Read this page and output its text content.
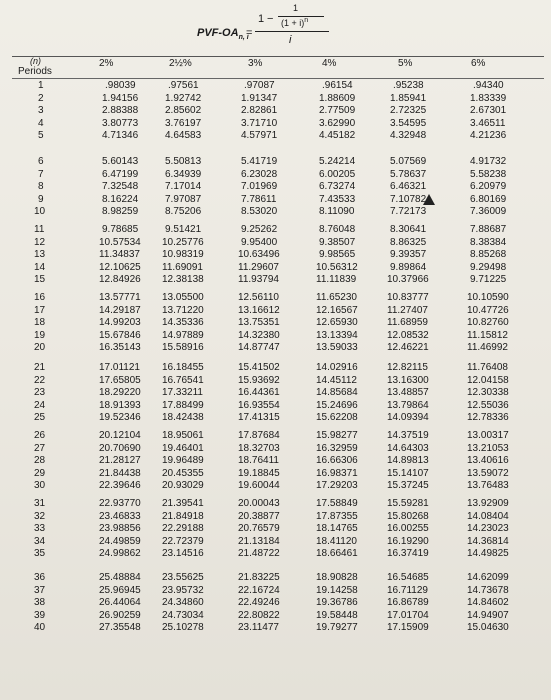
PVF-$OA_{n, i}$
=
1 −
1
$(1 + i)^n$
i
(n)
Periods
2%	2½%	3%	4%	5%	6%
1	.98039	.97561	.97087	.96154	.95238	.94340
2	1.94156	1.92742	1.91347	1.88609	1.85941	1.83339
3	2.88388	2.85602	2.82861	2.77509	2.72325	2.67301
4	3.80773	3.76197	3.71710	3.62990	3.54595	3.46511
5	4.71346	4.64583	4.57971	4.45182	4.32948	4.21236
6	5.60143	5.50813	5.41719	5.24214	5.07569	4.91732
7	6.47199	6.34939	6.23028	6.00205	5.78637	5.58238
8	7.32548	7.17014	7.01969	6.73274	6.46321	6.20979
9	8.16224	7.97087	7.78611	7.43533	7.10782	6.80169
10	8.98259	8.75206	8.53020	8.11090	7.72173	7.36009
11	9.78685	9.51421	9.25262	8.76048	8.30641	7.88687
12	10.57534 10.25776	9.95400	9.38507	8.86325	8.38384
13	11.34837 10.98319	10.63496	9.98565	9.39357	8.85268
14	12.10625 11.69091	11.29607	10.56312	9.89864	9.29498
15	12.84926 12.38138	11.93794	11.11839	10.37966	9.71225
16	13.57771 13.05500	12.56110	11.65230	10.83777	10.10590
17	14.29187 13.71220	13.16612	12.16567	11.27407	10.47726
18	14.99203 14.35336	13.75351	12.65930	11.68959	10.82760
19	15.67846 14.97889	14.32380	13.13394	12.08532	11.15812
20	16.35143 15.58916	14.87747	13.59033	12.46221	11.46992
21	17.01121 16.18455	15.41502	14.02916	12.82115	11.76408
22	17.65805 16.76541	15.93692	14.45112	13.16300	12.04158
23	18.29220 17.33211	16.44361	14.85684	13.48857	12.30338
24	18.91393 17.88499	16.93554	15.24696	13.79864	12.55036
25	19.52346 18.42438	17.41315	15.62208	14.09394	12.78336
26	20.12104 18.95061	17.87684	15.98277	14.37519	13.00317
27	20.70690 19.46401	18.32703	16.32959	14.64303	13.21053
28	21.28127 19.96489	18.76411	16.66306	14.89813	13.40616
29	21.84438 20.45355	19.18845	16.98371	15.14107	13.59072
30	22.39646 20.93029	19.60044	17.29203	15.37245	13.76483
31	22.93770 21.39541	20.00043	17.58849	15.59281	13.92909
32	23.46833 21.84918	20.38877	17.87355	15.80268	14.08404
33	23.98856 22.29188	20.76579	18.14765	16.00255	14.23023
34	24.49859 22.72379	21.13184	18.41120	16.19290	14.36814
35	24.99862 23.14516	21.48722	18.66461	16.37419	14.49825
36	25.48884 23.55625	21.83225	18.90828	16.54685	14.62099
37	25.96945 23.95732	22.16724	19.14258	16.71129	14.73678
38	26.44064 24.34860	22.49246	19.36786	16.86789	14.84602
39	26.90259 24.73034	22.80822	19.58448	17.01704	14.94907
40	27.35548 25.10278	23.11477	19.79277	17.15909	15.04630
